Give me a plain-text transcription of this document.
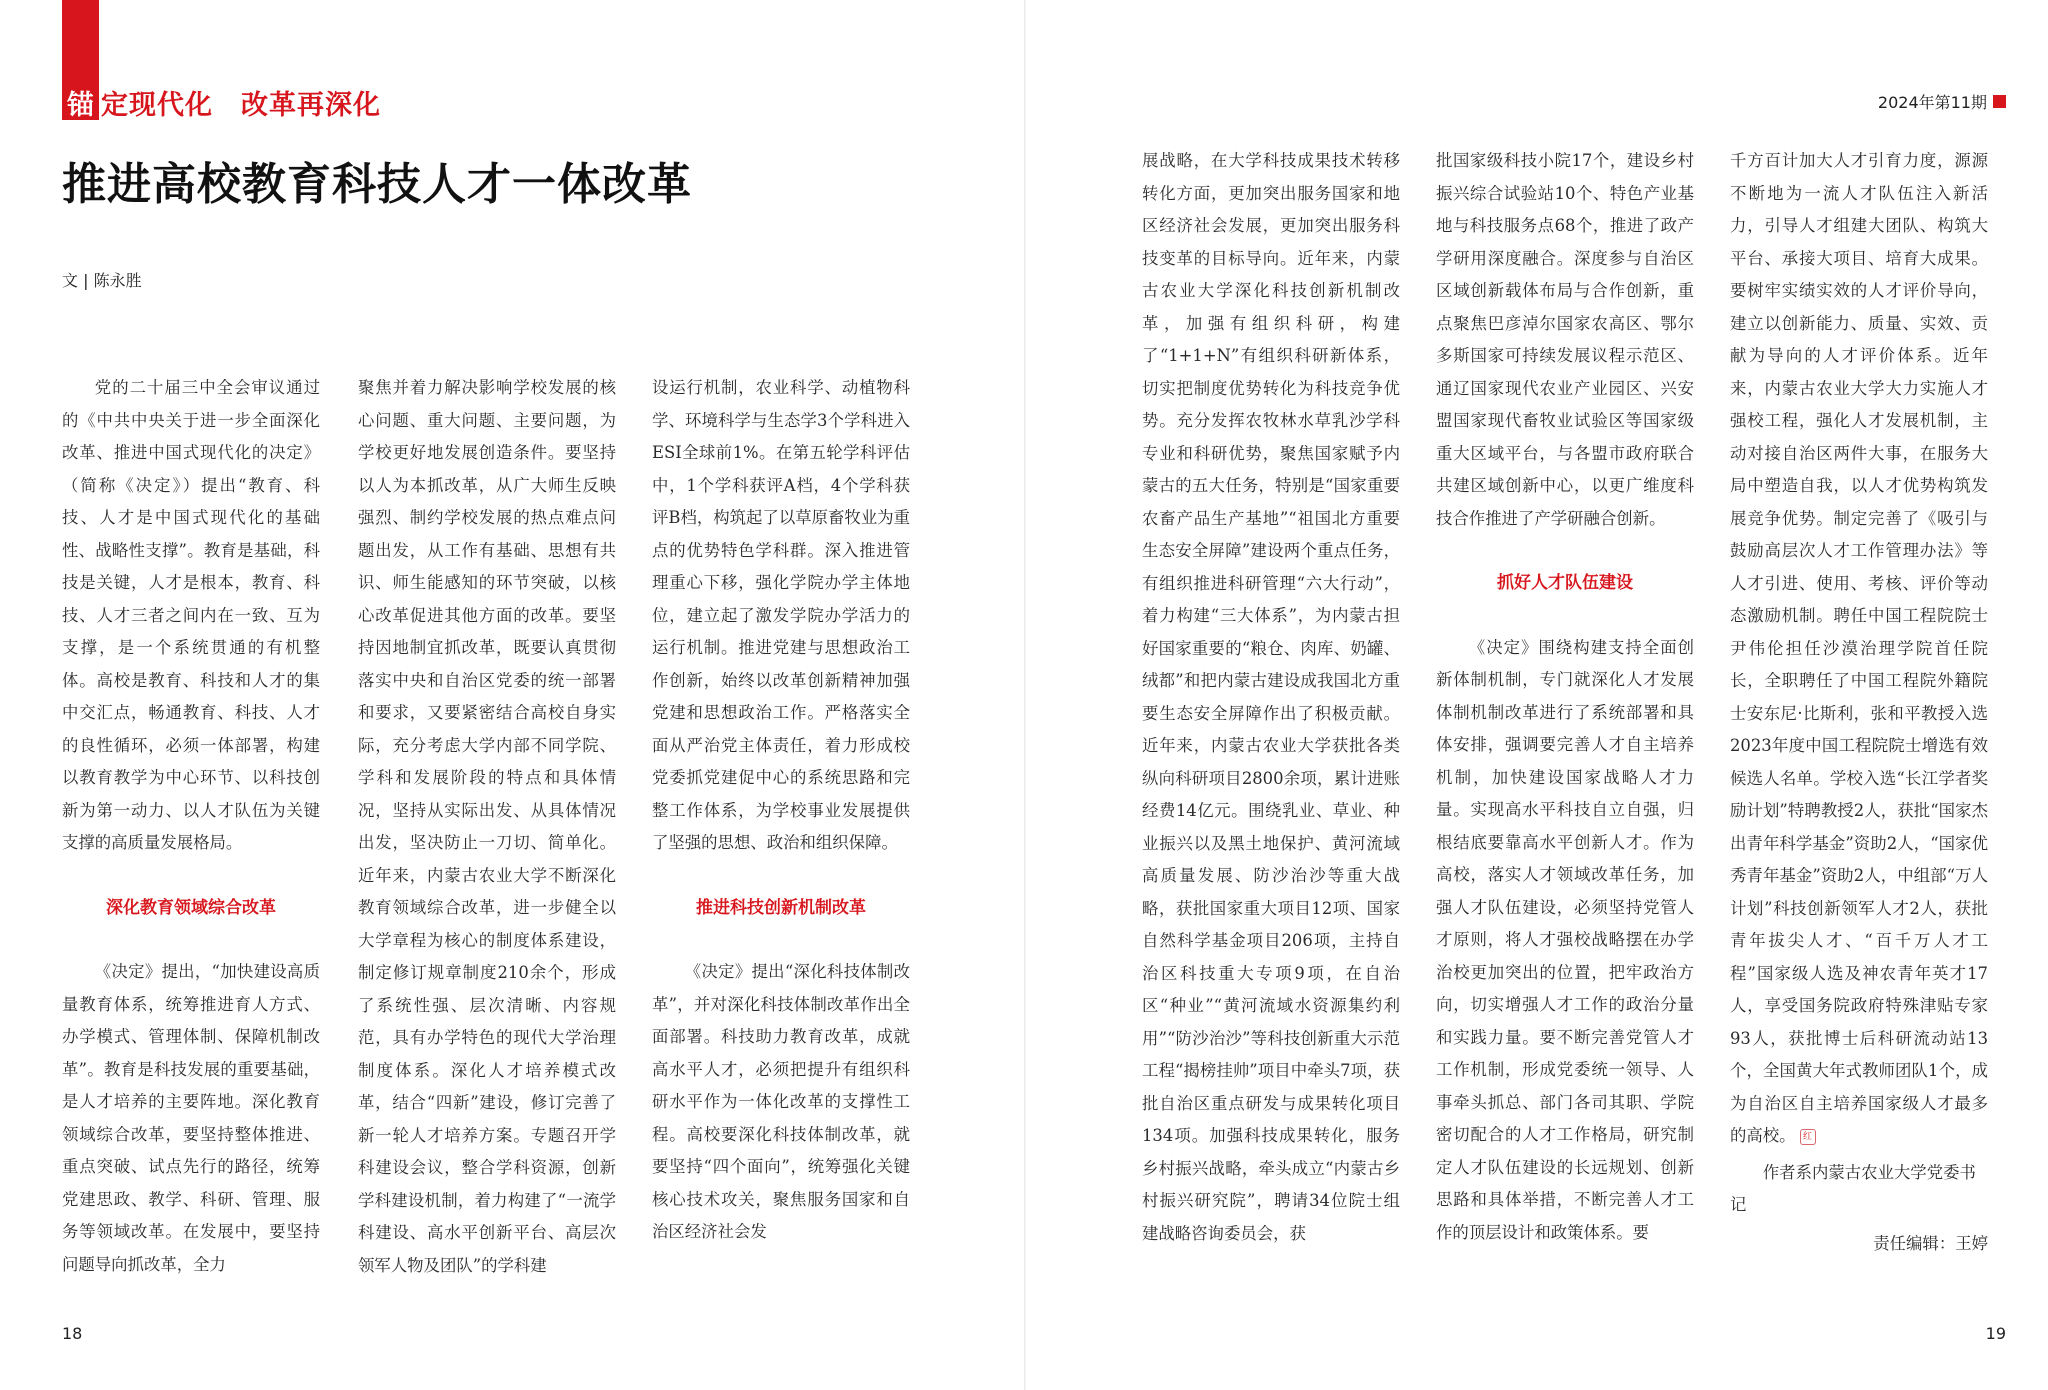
锚 定现代化 改革再深化	2024年第11期
推进高校教育科技人才一体改革
文 | 陈永胜

党的二十届三中全会审议通过的《中共中央关于进一步全面深化改革、推进中国式现代化的决定》（简称《决定》）提出“教育、科技、人才是中国式现代化的基础性、战略性支撑”。教育是基础，科技是关键，人才是根本，教育、科技、人才三者之间内在一致、互为支撑，是一个系统贯通的有机整体。高校是教育、科技和人才的集中交汇点，畅通教育、科技、人才的良性循环，必须一体部署，构建以教育教学为中心环节、以科技创新为第一动力、以人才队伍为关键支撑的高质量发展格局。

深化教育领域综合改革

《决定》提出，“加快建设高质量教育体系，统筹推进育人方式、办学模式、管理体制、保障机制改革”。教育是科技发展的重要基础，是人才培养的主要阵地。深化教育领域综合改革，要坚持整体推进、重点突破、试点先行的路径，统筹党建思政、教学、科研、管理、服务等领域改革。在发展中，要坚持问题导向抓改革，全力

聚焦并着力解决影响学校发展的核心问题、重大问题、主要问题，为学校更好地发展创造条件。要坚持以人为本抓改革，从广大师生反映强烈、制约学校发展的热点难点问题出发，从工作有基础、思想有共识、师生能感知的环节突破，以核心改革促进其他方面的改革。要坚持因地制宜抓改革，既要认真贯彻落实中央和自治区党委的统一部署和要求，又要紧密结合高校自身实际，充分考虑大学内部不同学院、学科和发展阶段的特点和具体情况，坚持从实际出发、从具体情况出发，坚决防止一刀切、简单化。近年来，内蒙古农业大学不断深化教育领域综合改革，进一步健全以大学章程为核心的制度体系建设，制定修订规章制度210余个，形成了系统性强、层次清晰、内容规范，具有办学特色的现代大学治理制度体系。深化人才培养模式改革，结合“四新”建设，修订完善了新一轮人才培养方案。专题召开学科建设会议，整合学科资源，创新学科建设机制，着力构建了“一流学科建设、高水平创新平台、高层次领军人物及团队”的学科建

设运行机制，农业科学、动植物科学、环境科学与生态学3个学科进入ESI全球前1%。在第五轮学科评估中，1个学科获评A档，4个学科获评B档，构筑起了以草原畜牧业为重点的优势特色学科群。深入推进管理重心下移，强化学院办学主体地位，建立起了激发学院办学活力的运行机制。推进党建与思想政治工作创新，始终以改革创新精神加强党建和思想政治工作。严格落实全面从严治党主体责任，着力形成校党委抓党建促中心的系统思路和完整工作体系，为学校事业发展提供了坚强的思想、政治和组织保障。

推进科技创新机制改革

《决定》提出“深化科技体制改革”，并对深化科技体制改革作出全面部署。科技助力教育改革，成就高水平人才，必须把提升有组织科研水平作为一体化改革的支撑性工程。高校要深化科技体制改革，就要坚持“四个面向”，统筹强化关键核心技术攻关，聚焦服务国家和自治区经济社会发

展战略，在大学科技成果技术转移转化方面，更加突出服务国家和地区经济社会发展，更加突出服务科技变革的目标导向。近年来，内蒙古农业大学深化科技创新机制改革，加强有组织科研，构建了“1+1+N”有组织科研新体系，切实把制度优势转化为科技竞争优势。充分发挥农牧林水草乳沙学科专业和科研优势，聚焦国家赋予内蒙古的五大任务，特别是“国家重要农畜产品生产基地”“祖国北方重要生态安全屏障”建设两个重点任务，有组织推进科研管理“六大行动”，着力构建“三大体系”，为内蒙古担好国家重要的“粮仓、肉库、奶罐、绒都”和把内蒙古建设成我国北方重要生态安全屏障作出了积极贡献。近年来，内蒙古农业大学获批各类纵向科研项目2800余项，累计进账经费14亿元。围绕乳业、草业、种业振兴以及黑土地保护、黄河流域高质量发展、防沙治沙等重大战略，获批国家重大项目12项、国家自然科学基金项目206项，主持自治区科技重大专项9项，在自治区“种业”“黄河流域水资源集约利用”“防沙治沙”等科技创新重大示范工程“揭榜挂帅”项目中牵头7项，获批自治区重点研发与成果转化项目134项。加强科技成果转化，服务乡村振兴战略，牵头成立“内蒙古乡村振兴研究院”，聘请34位院士组建战略咨询委员会，获

批国家级科技小院17个，建设乡村振兴综合试验站10个、特色产业基地与科技服务点68个，推进了政产学研用深度融合。深度参与自治区区域创新载体布局与合作创新，重点聚焦巴彦淖尔国家农高区、鄂尔多斯国家可持续发展议程示范区、通辽国家现代农业产业园区、兴安盟国家现代畜牧业试验区等国家级重大区域平台，与各盟市政府联合共建区域创新中心，以更广维度科技合作推进了产学研融合创新。

抓好人才队伍建设

《决定》围绕构建支持全面创新体制机制，专门就深化人才发展体制机制改革进行了系统部署和具体安排，强调要完善人才自主培养机制，加快建设国家战略人才力量。实现高水平科技自立自强，归根结底要靠高水平创新人才。作为高校，落实人才领域改革任务，加强人才队伍建设，必须坚持党管人才原则，将人才强校战略摆在办学治校更加突出的位置，把牢政治方向，切实增强人才工作的政治分量和实践力量。要不断完善党管人才工作机制，形成党委统一领导、人事牵头抓总、部门各司其职、学院密切配合的人才工作格局，研究制定人才队伍建设的长远规划、创新思路和具体举措，不断完善人才工作的顶层设计和政策体系。要

千方百计加大人才引育力度，源源不断地为一流人才队伍注入新活力，引导人才组建大团队、构筑大平台、承接大项目、培育大成果。要树牢实绩实效的人才评价导向，建立以创新能力、质量、实效、贡献为导向的人才评价体系。近年来，内蒙古农业大学大力实施人才强校工程，强化人才发展机制，主动对接自治区两件大事，在服务大局中塑造自我，以人才优势构筑发展竞争优势。制定完善了《吸引与鼓励高层次人才工作管理办法》等人才引进、使用、考核、评价等动态激励机制。聘任中国工程院院士尹伟伦担任沙漠治理学院首任院长，全职聘任了中国工程院外籍院士安东尼·比斯利，张和平教授入选2023年度中国工程院院士增选有效候选人名单。学校入选“长江学者奖励计划”特聘教授2人，获批“国家杰出青年科学基金”资助2人，“国家优秀青年基金”资助2人，中组部“万人计划”科技创新领军人才2人，获批青年拔尖人才、“百千万人才工程”国家级人选及神农青年英才17人，享受国务院政府特殊津贴专家93人，获批博士后科研流动站13个，全国黄大年式教师团队1个，成为自治区自主培养国家级人才最多的高校。 红

作者系内蒙古农业大学党委书记

责任编辑：王婷

18	19
